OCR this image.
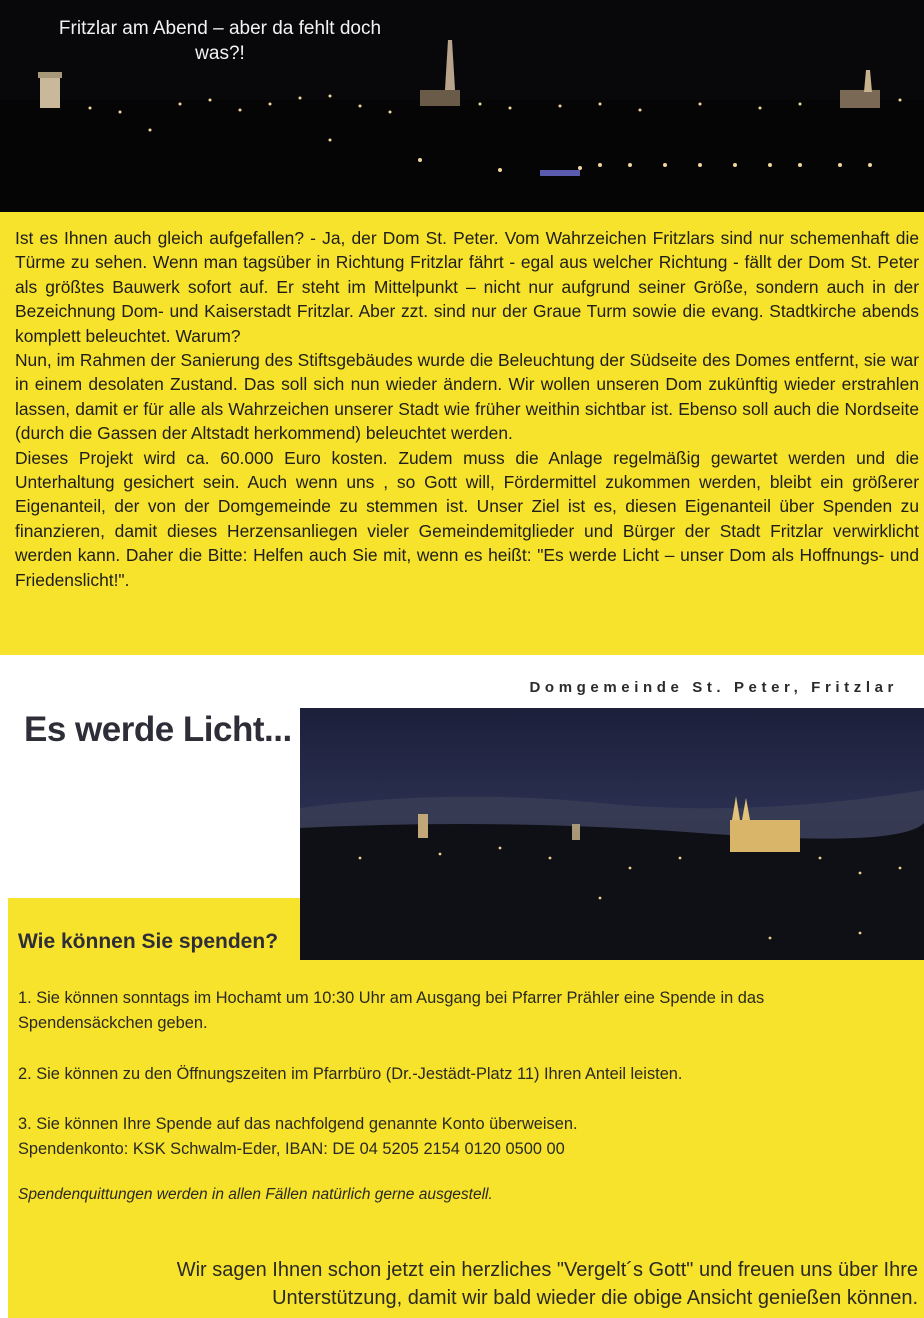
Fritzlar am Abend – aber da fehlt doch was?!

Ist es Ihnen auch gleich aufgefallen? - Ja, der Dom St. Peter. Vom Wahrzeichen Fritzlars sind nur schemenhaft die Türme zu sehen. Wenn man tagsüber in Richtung Fritzlar fährt - egal aus welcher Richtung - fällt der Dom St. Peter als größtes Bauwerk sofort auf. Er steht im Mittelpunkt – nicht nur aufgrund seiner Größe, sondern auch in der Bezeichnung Dom- und Kaiserstadt Fritzlar. Aber zzt. sind nur der Graue Turm sowie die evang. Stadtkirche abends komplett beleuchtet. Warum?

Nun, im Rahmen der Sanierung des Stiftsgebäudes wurde die Beleuchtung der Südseite des Domes entfernt, sie war in einem desolaten Zustand. Das soll sich nun wieder ändern. Wir wollen unseren Dom zukünftig wieder erstrahlen lassen, damit er für alle als Wahrzeichen unserer Stadt wie früher weithin sichtbar ist. Ebenso soll auch die Nordseite (durch die Gassen der Altstadt herkommend) beleuchtet werden.

Dieses Projekt wird ca. 60.000 Euro kosten. Zudem muss die Anlage regelmäßig gewartet werden und die Unterhaltung gesichert sein. Auch wenn uns , so Gott will, Fördermittel zukommen werden, bleibt ein größerer Eigenanteil, der von der Domgemeinde zu stemmen ist. Unser Ziel ist es, diesen Eigenanteil über Spenden zu finanzieren, damit dieses Herzensanliegen vieler Gemeindemitglieder und Bürger der Stadt Fritzlar verwirklicht werden kann. Daher die Bitte: Helfen auch Sie mit, wenn es heißt: "Es werde Licht – unser Dom als Hoffnungs- und Friedenslicht!".

Domgemeinde St. Peter, Fritzlar
Es werde Licht...
Wie können Sie spenden?
1. Sie können sonntags im Hochamt um 10:30 Uhr am Ausgang bei Pfarrer Prähler eine Spende in das Spendensäckchen geben.
2. Sie können zu den Öffnungszeiten im Pfarrbüro (Dr.-Jestädt-Platz 11) Ihren Anteil leisten.
3. Sie können Ihre Spende auf das nachfolgend genannte Konto überweisen.
Spendenkonto: KSK Schwalm-Eder, IBAN: DE 04 5205 2154 0120 0500 00
Spendenquittungen werden in allen Fällen natürlich gerne ausgestell.
Wir sagen Ihnen schon jetzt ein herzliches "Vergelt´s Gott" und freuen uns über Ihre Unterstützung, damit wir bald wieder die obige Ansicht genießen können.
